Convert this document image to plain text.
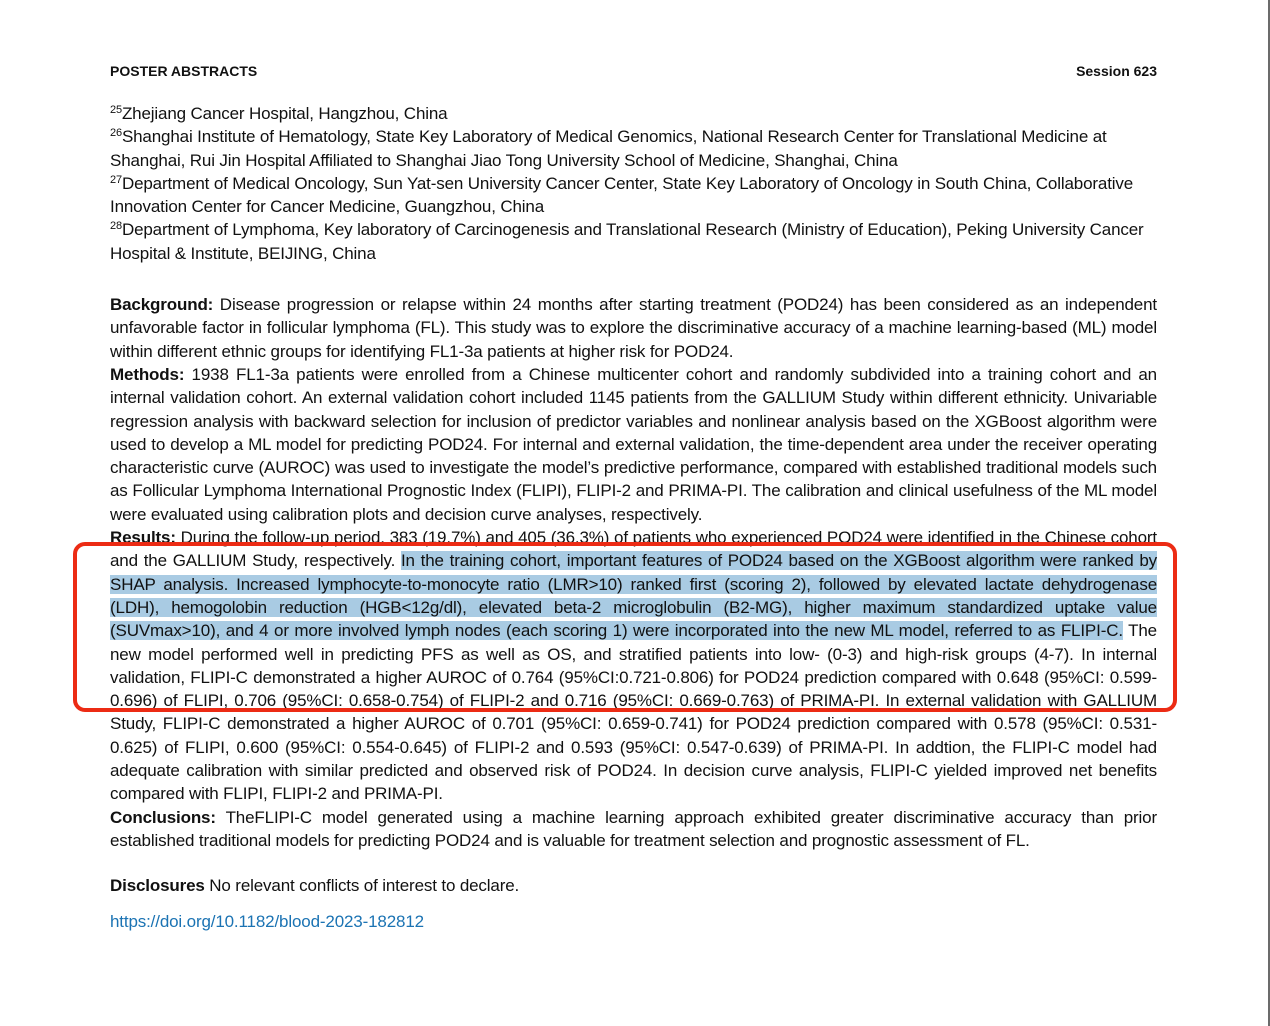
POSTER ABSTRACTS	Session 623
$^{25}$Zhejiang Cancer Hospital, Hangzhou, China
$^{26}$Shanghai Institute of Hematology, State Key Laboratory of Medical Genomics, National Research Center for Translational Medicine at Shanghai, Rui Jin Hospital Affiliated to Shanghai Jiao Tong University School of Medicine, Shanghai, China
$^{27}$Department of Medical Oncology, Sun Yat-sen University Cancer Center, State Key Laboratory of Oncology in South China, Collaborative Innovation Center for Cancer Medicine, Guangzhou, China
$^{28}$Department of Lymphoma, Key laboratory of Carcinogenesis and Translational Research (Ministry of Education), Peking University Cancer Hospital & Institute, BEIJING, China

Background: Disease progression or relapse within 24 months after starting treatment (POD24) has been considered as an independent unfavorable factor in follicular lymphoma (FL). This study was to explore the discriminative accuracy of a machine learning-based (ML) model within different ethnic groups for identifying FL1-3a patients at higher risk for POD24.

Methods: 1938 FL1-3a patients were enrolled from a Chinese multicenter cohort and randomly subdivided into a training cohort and an internal validation cohort. An external validation cohort included 1145 patients from the GALLIUM Study within different ethnicity. Univariable regression analysis with backward selection for inclusion of predictor variables and nonlinear analysis based on the XGBoost algorithm were used to develop a ML model for predicting POD24. For internal and external validation, the time-dependent area under the receiver operating characteristic curve (AUROC) was used to investigate the model’s predictive performance, compared with established traditional models such as Follicular Lymphoma International Prognostic Index (FLIPI), FLIPI-2 and PRIMA-PI. The calibration and clinical usefulness of the ML model were evaluated using calibration plots and decision curve analyses, respectively.

Results: During the follow-up period, 383 (19.7%) and 405 (36.3%) of patients who experienced POD24 were identified in the Chinese cohort and the GALLIUM Study, respectively. In the training cohort, important features of POD24 based on the XGBoost algorithm were ranked by SHAP analysis. Increased lymphocyte-to-monocyte ratio (LMR>10) ranked first (scoring 2), followed by elevated lactate dehydrogenase (LDH), hemogolobin reduction (HGB<12g/dl), elevated beta-2 microglobulin (B2-MG), higher maximum standardized uptake value (SUVmax>10), and 4 or more involved lymph nodes (each scoring 1) were incorporated into the new ML model, referred to as FLIPI-C. The new model performed well in predicting PFS as well as OS, and stratified patients into low- (0-3) and high-risk groups (4-7). In internal validation, FLIPI-C demonstrated a higher AUROC of 0.764 (95%CI:0.721-0.806) for POD24 prediction compared with 0.648 (95%CI: 0.599-0.696) of FLIPI, 0.706 (95%CI: 0.658-0.754) of FLIPI-2 and 0.716 (95%CI: 0.669-0.763) of PRIMA-PI. In external validation with GALLIUM Study, FLIPI-C demonstrated a higher AUROC of 0.701 (95%CI: 0.659-0.741) for POD24 prediction compared with 0.578 (95%CI: 0.531-0.625) of FLIPI, 0.600 (95%CI: 0.554-0.645) of FLIPI-2 and 0.593 (95%CI: 0.547-0.639) of PRIMA-PI. In addtion, the FLIPI-C model had adequate calibration with similar predicted and observed risk of POD24. In decision curve analysis, FLIPI-C yielded improved net benefits compared with FLIPI, FLIPI-2 and PRIMA-PI.

Conclusions: TheFLIPI-C model generated using a machine learning approach exhibited greater discriminative accuracy than prior established traditional models for predicting POD24 and is valuable for treatment selection and prognostic assessment of FL.

Disclosures No relevant conflicts of interest to declare.
https://doi.org/10.1182/blood-2023-182812
